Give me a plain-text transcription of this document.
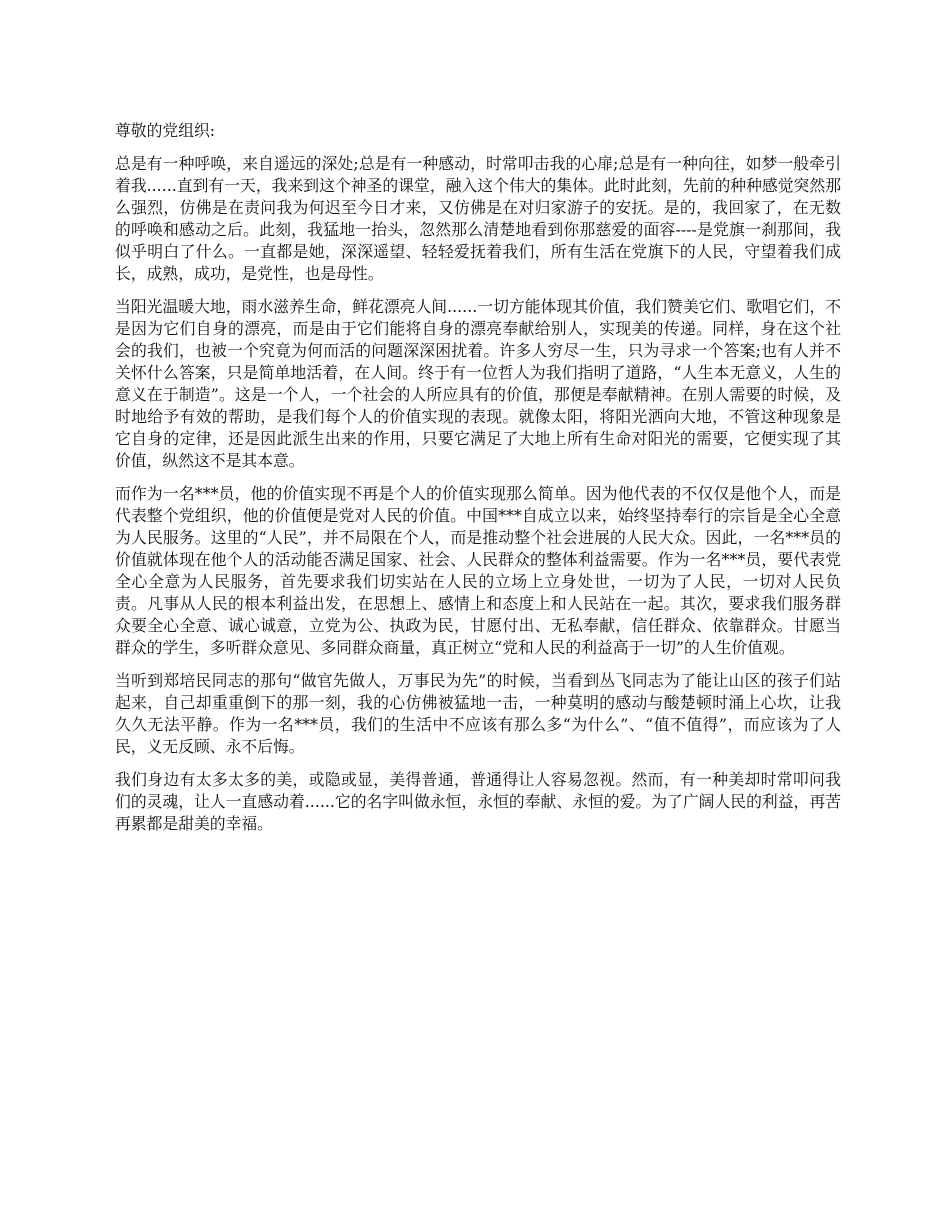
尊敬的党组织:

总是有一种呼唤，来自遥远的深处;总是有一种感动，时常叩击我的心扉;总是有一种向往，如梦一般牵引着我......直到有一天，我来到这个神圣的课堂，融入这个伟大的集体。此时此刻，先前的种种感觉突然那么强烈，仿佛是在责问我为何迟至今日才来，又仿佛是在对归家游子的安抚。是的，我回家了，在无数的呼唤和感动之后。此刻，我猛地一抬头，忽然那么清楚地看到你那慈爱的面容----是党旗一刹那间，我似乎明白了什么。一直都是她，深深遥望、轻轻爱抚着我们，所有生活在党旗下的人民，守望着我们成长，成熟，成功，是党性，也是母性。

当阳光温暖大地，雨水滋养生命，鲜花漂亮人间......一切方能体现其价值，我们赞美它们、歌唱它们，不是因为它们自身的漂亮，而是由于它们能将自身的漂亮奉献给别人，实现美的传递。同样，身在这个社会的我们，也被一个究竟为何而活的问题深深困扰着。许多人穷尽一生，只为寻求一个答案;也有人并不关怀什么答案，只是简单地活着，在人间。终于有一位哲人为我们指明了道路，“人生本无意义，人生的意义在于制造”。这是一个人，一个社会的人所应具有的价值，那便是奉献精神。在别人需要的时候，及时地给予有效的帮助，是我们每个人的价值实现的表现。就像太阳，将阳光洒向大地，不管这种现象是它自身的定律，还是因此派生出来的作用，只要它满足了大地上所有生命对阳光的需要，它便实现了其价值，纵然这不是其本意。

而作为一名***员，他的价值实现不再是个人的价值实现那么简单。因为他代表的不仅仅是他个人，而是代表整个党组织，他的价值便是党对人民的价值。中国***自成立以来，始终坚持奉行的宗旨是全心全意为人民服务。这里的“人民”，并不局限在个人，而是推动整个社会进展的人民大众。因此，一名***员的价值就体现在他个人的活动能否满足国家、社会、人民群众的整体利益需要。作为一名***员，要代表党全心全意为人民服务，首先要求我们切实站在人民的立场上立身处世，一切为了人民，一切对人民负责。凡事从人民的根本利益出发，在思想上、感情上和态度上和人民站在一起。其次，要求我们服务群众要全心全意、诚心诚意，立党为公、执政为民，甘愿付出、无私奉献，信任群众、依靠群众。甘愿当群众的学生，多听群众意见、多同群众商量，真正树立“党和人民的利益高于一切”的人生价值观。

当听到郑培民同志的那句“做官先做人，万事民为先”的时候，当看到丛飞同志为了能让山区的孩子们站起来，自己却重重倒下的那一刻，我的心仿佛被猛地一击，一种莫明的感动与酸楚顿时涌上心坎，让我久久无法平静。作为一名***员，我们的生活中不应该有那么多“为什么”、“值不值得”，而应该为了人民，义无反顾、永不后悔。

我们身边有太多太多的美，或隐或显，美得普通，普通得让人容易忽视。然而，有一种美却时常叩问我们的灵魂，让人一直感动着......它的名字叫做永恒，永恒的奉献、永恒的爱。为了广阔人民的利益，再苦再累都是甜美的幸福。
